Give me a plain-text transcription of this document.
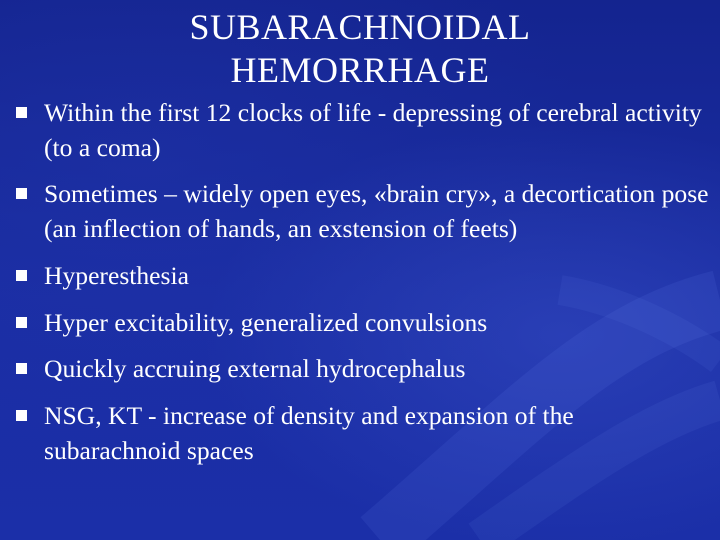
SUBARACHNOIDAL
HEMORRHAGE
Within the first 12 clocks of life - depressing of cerebral activity (to a coma)
Sometimes – widely open eyes, «brain cry», a decortication pose (an inflection of hands, an exstension of feets)
Hyperesthesia
Hyper excitability, generalized convulsions
Quickly accruing external hydrocephalus
NSG, KT - increase of density and expansion of the subarachnoid spaces
